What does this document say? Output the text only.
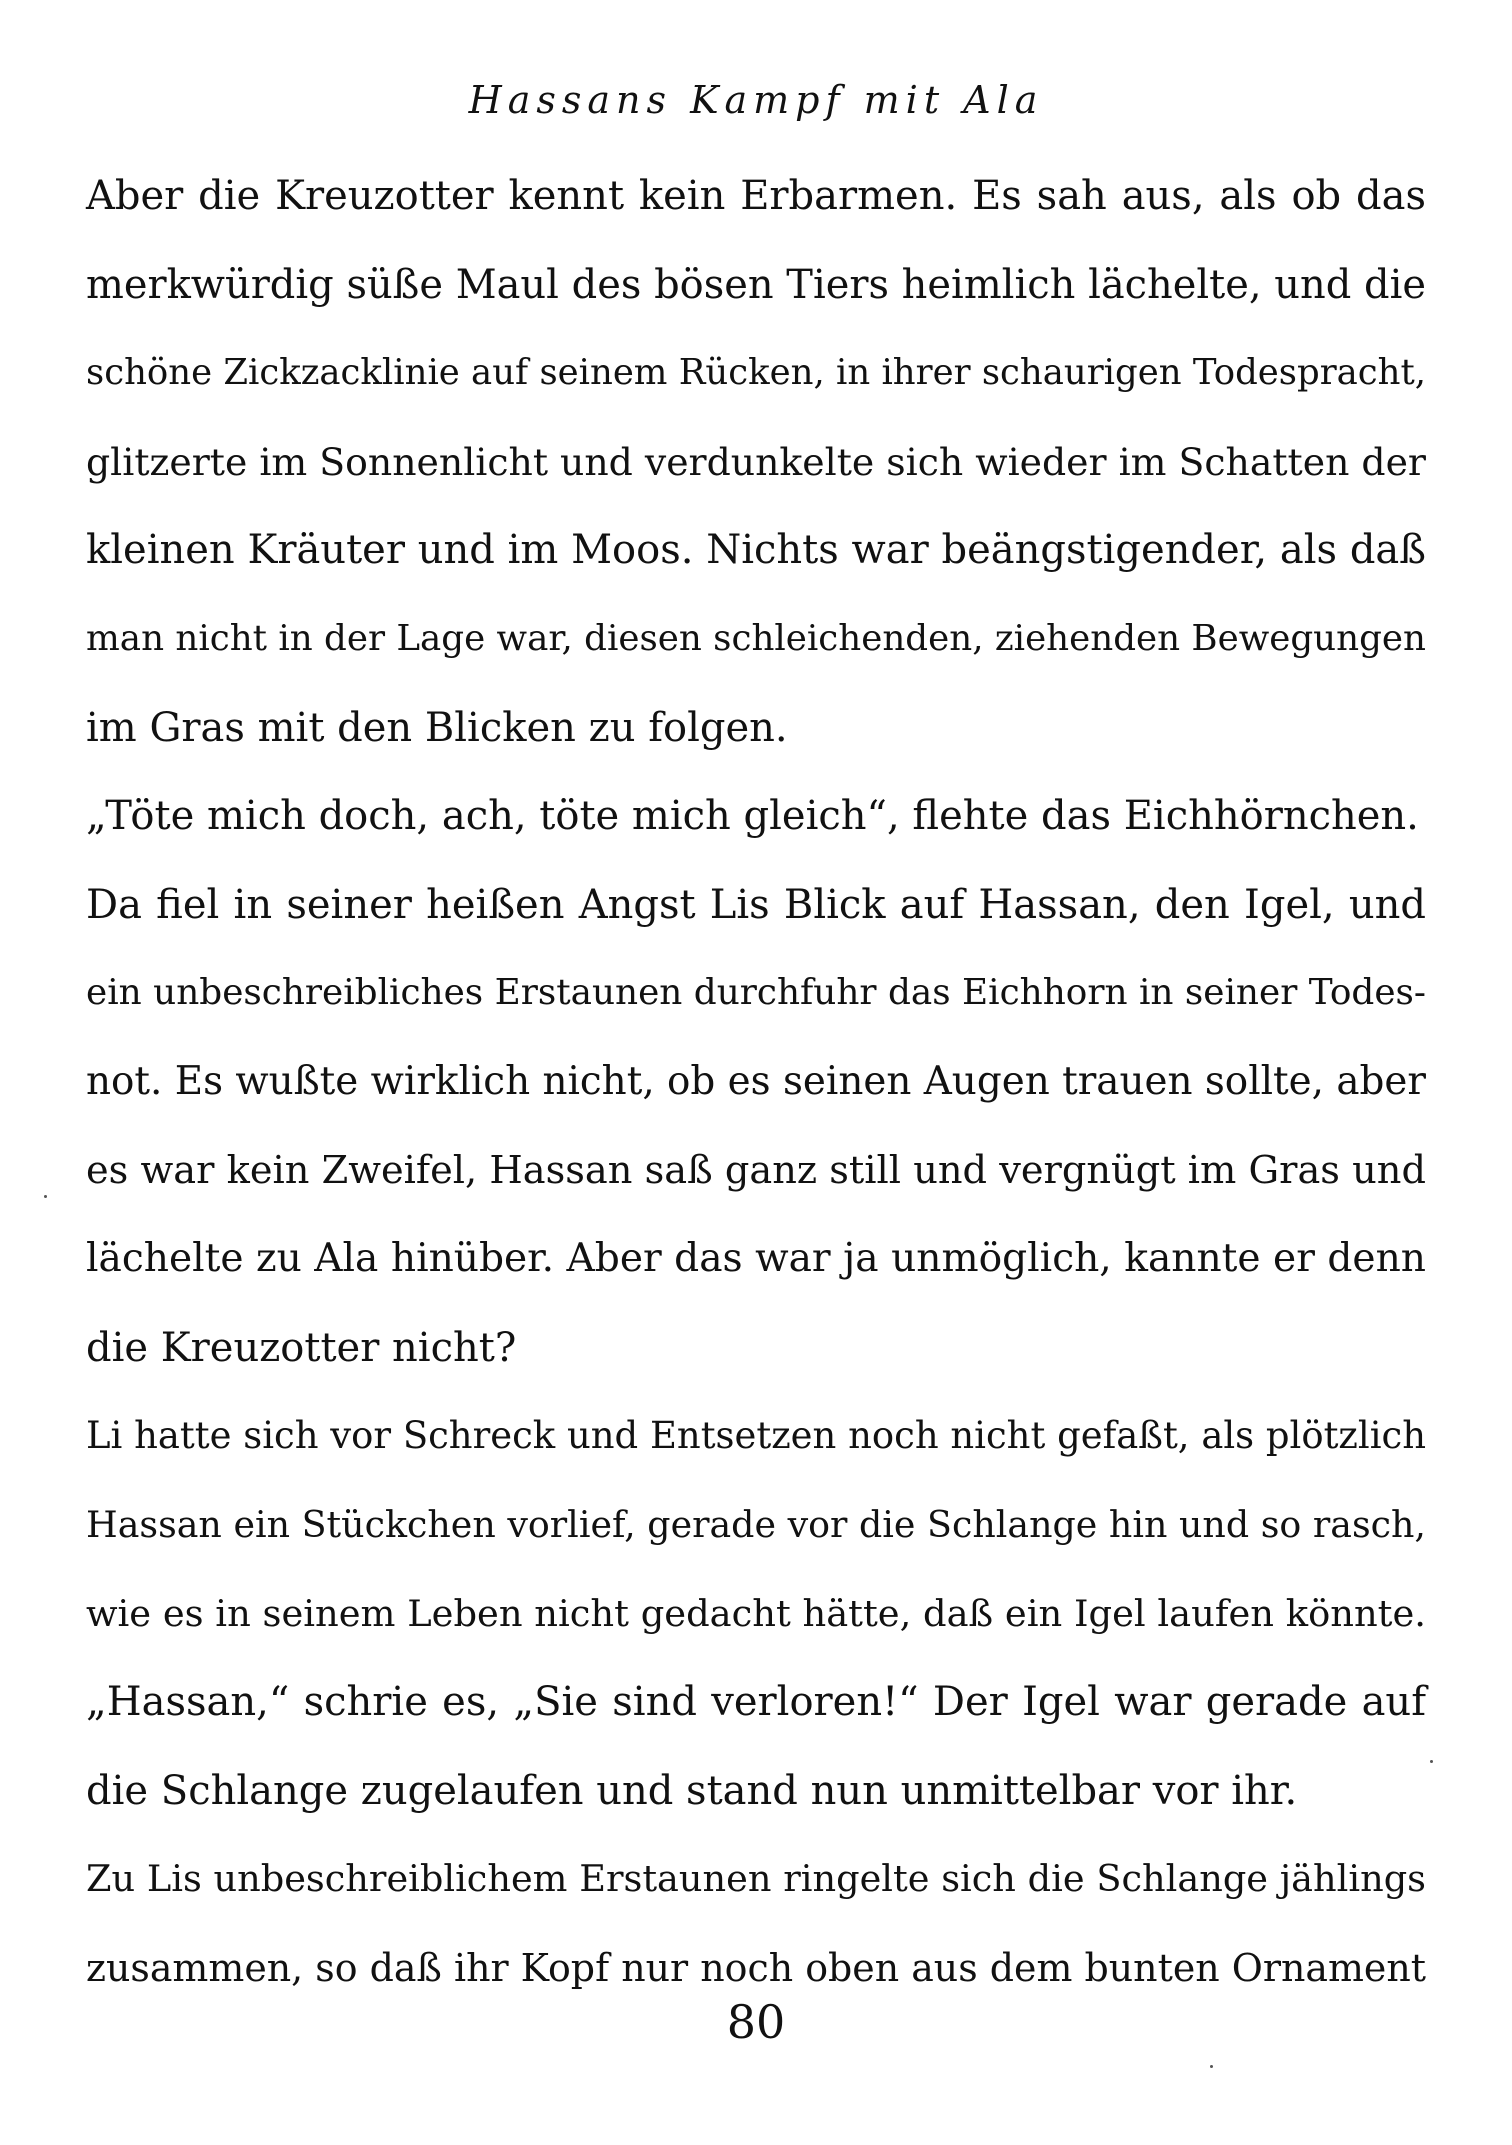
Hassans Kampf mit Ala
Aber die Kreuzotter kennt kein Erbarmen. Es sah aus, als ob das
merkwürdig süße Maul des bösen Tiers heimlich lächelte, und die
schöne Zickzacklinie auf seinem Rücken, in ihrer schaurigen Todespracht,
glitzerte im Sonnenlicht und verdunkelte sich wieder im Schatten der
kleinen Kräuter und im Moos. Nichts war beängstigender, als daß
man nicht in der Lage war, diesen schleichenden, ziehenden Bewegungen
im Gras mit den Blicken zu folgen.
„Töte mich doch, ach, töte mich gleich“, flehte das Eichhörnchen.
Da fiel in seiner heißen Angst Lis Blick auf Hassan, den Igel, und
ein unbeschreibliches Erstaunen durchfuhr das Eichhorn in seiner Todes-
not. Es wußte wirklich nicht, ob es seinen Augen trauen sollte, aber
es war kein Zweifel, Hassan saß ganz still und vergnügt im Gras und
lächelte zu Ala hinüber. Aber das war ja unmöglich, kannte er denn
die Kreuzotter nicht?
Li hatte sich vor Schreck und Entsetzen noch nicht gefaßt, als plötzlich
Hassan ein Stückchen vorlief, gerade vor die Schlange hin und so rasch,
wie es in seinem Leben nicht gedacht hätte, daß ein Igel laufen könnte.
„Hassan,“ schrie es, „Sie sind verloren!“ Der Igel war gerade auf
die Schlange zugelaufen und stand nun unmittelbar vor ihr.
Zu Lis unbeschreiblichem Erstaunen ringelte sich die Schlange jählings
zusammen, so daß ihr Kopf nur noch oben aus dem bunten Ornament
80
